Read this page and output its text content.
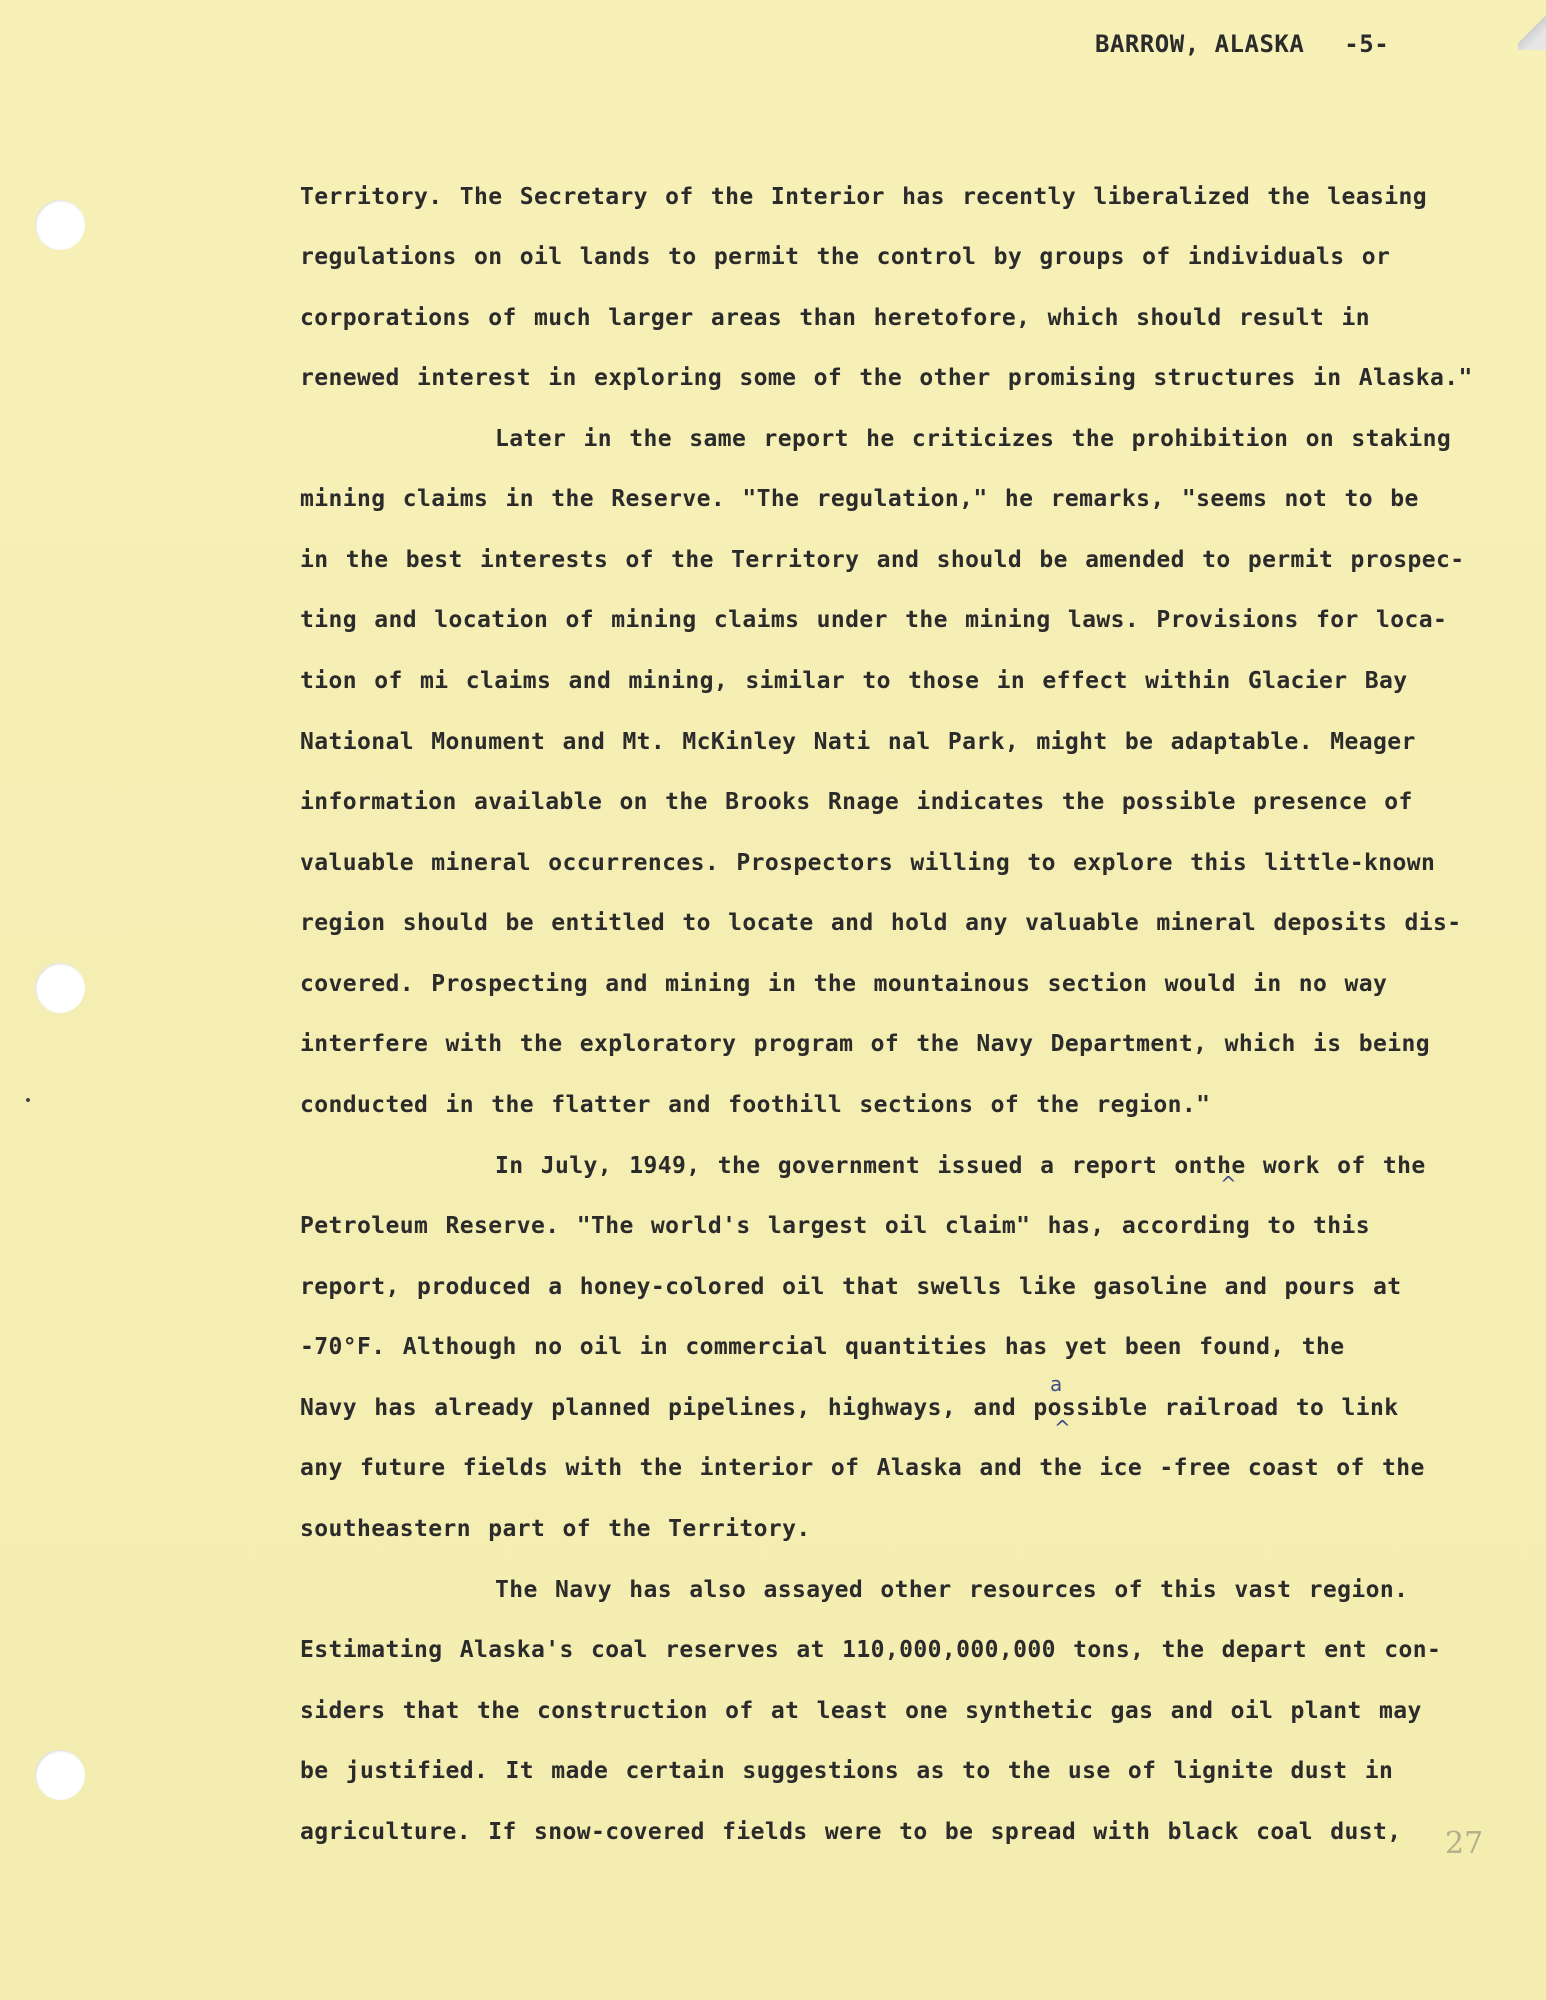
BARROW, ALASKA -5-
Territory. The Secretary of the Interior has recently liberalized the leasing
regulations on oil lands to permit the control by groups of individuals or
corporations of much larger areas than heretofore, which should result in
renewed interest in exploring some of the other promising structures in Alaska."
Later in the same report he criticizes the prohibition on staking
mining claims in the Reserve. "The regulation," he remarks, "seems not to be
in the best interests of the Territory and should be amended to permit prospec-
ting and location of mining claims under the mining laws. Provisions for loca-
tion of mi claims and mining, similar to those in effect within Glacier Bay
National Monument and Mt. McKinley Nati nal Park, might be adaptable. Meager
information available on the Brooks Rnage indicates the possible presence of
valuable mineral occurrences. Prospectors willing to explore this little-known
region should be entitled to locate and hold any valuable mineral deposits dis-
covered. Prospecting and mining in the mountainous section would in no way
interfere with the exploratory program of the Navy Department, which is being
conducted in the flatter and foothill sections of the region."
In July, 1949, the government issued a report onthe work of the
Petroleum Reserve. "The world's largest oil claim" has, according to this
report, produced a honey-colored oil that swells like gasoline and pours at
-70°F. Although no oil in commercial quantities has yet been found, the
Navy has already planned pipelines, highways, and possible railroad to link
any future fields with the interior of Alaska and the ice -free coast of the
southeastern part of the Territory.
The Navy has also assayed other resources of this vast region.
Estimating Alaska's coal reserves at 110,000,000,000 tons, the depart ent con-
siders that the construction of at least one synthetic gas and oil plant may
be justified. It made certain suggestions as to the use of lignite dust in
agriculture. If snow-covered fields were to be spread with black coal dust,
^
a
^
27
